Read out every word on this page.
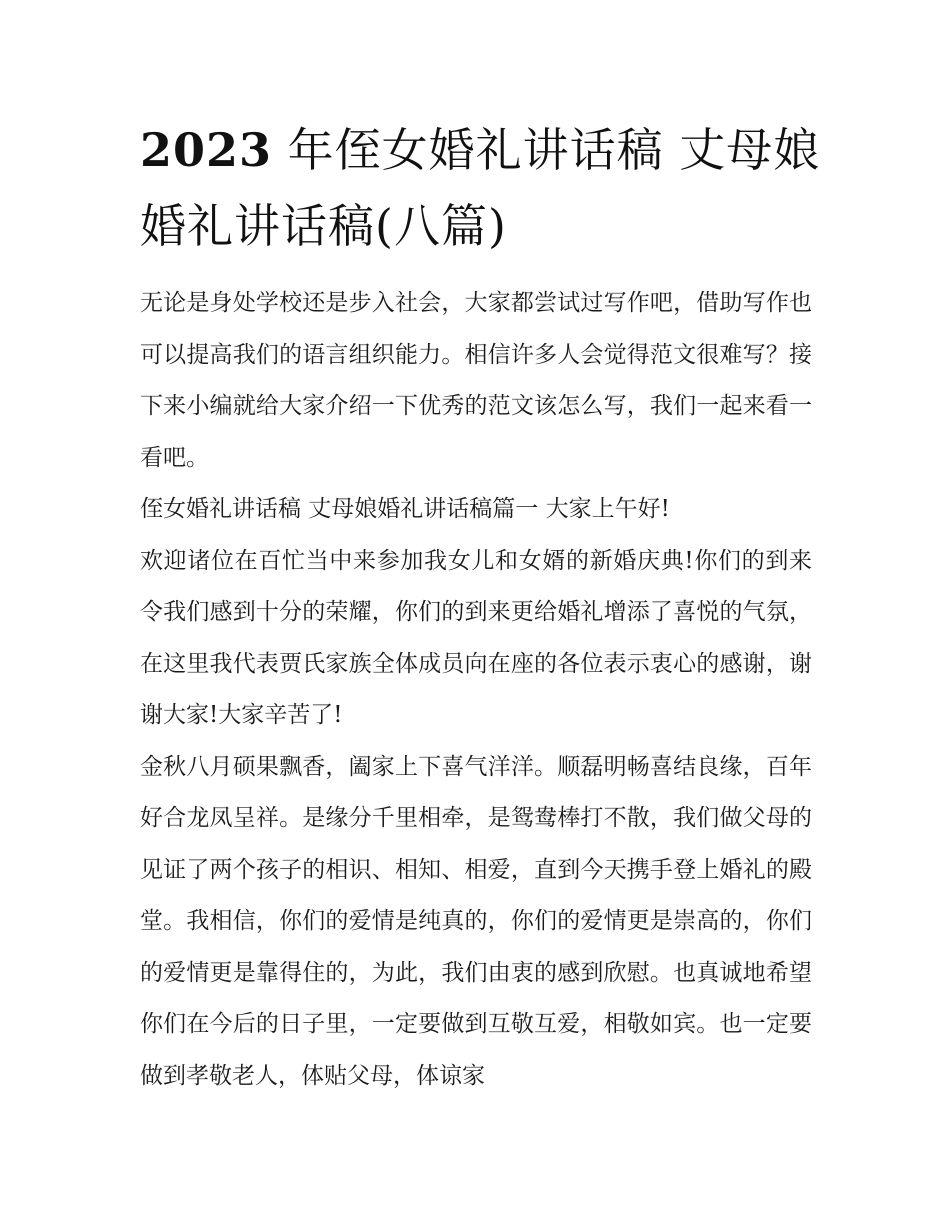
2023 年侄女婚礼讲话稿 丈母娘婚礼讲话稿(八篇)

无论是身处学校还是步入社会，大家都尝试过写作吧，借助写作也可以提高我们的语言组织能力。相信许多人会觉得范文很难写？接下来小编就给大家介绍一下优秀的范文该怎么写，我们一起来看一看吧。

侄女婚礼讲话稿 丈母娘婚礼讲话稿篇一 大家上午好!

欢迎诸位在百忙当中来参加我女儿和女婿的新婚庆典!你们的到来令我们感到十分的荣耀，你们的到来更给婚礼增添了喜悦的气氛，在这里我代表贾氏家族全体成员向在座的各位表示衷心的感谢，谢谢大家!大家辛苦了!

金秋八月硕果飘香，阖家上下喜气洋洋。顺磊明畅喜结良缘，百年好合龙凤呈祥。是缘分千里相牵，是鸳鸯棒打不散，我们做父母的见证了两个孩子的相识、相知、相爱，直到今天携手登上婚礼的殿堂。我相信，你们的爱情是纯真的，你们的爱情更是崇高的，你们的爱情更是靠得住的，为此，我们由衷的感到欣慰。也真诚地希望你们在今后的日子里，一定要做到互敬互爱，相敬如宾。也一定要做到孝敬老人，体贴父母，体谅家
